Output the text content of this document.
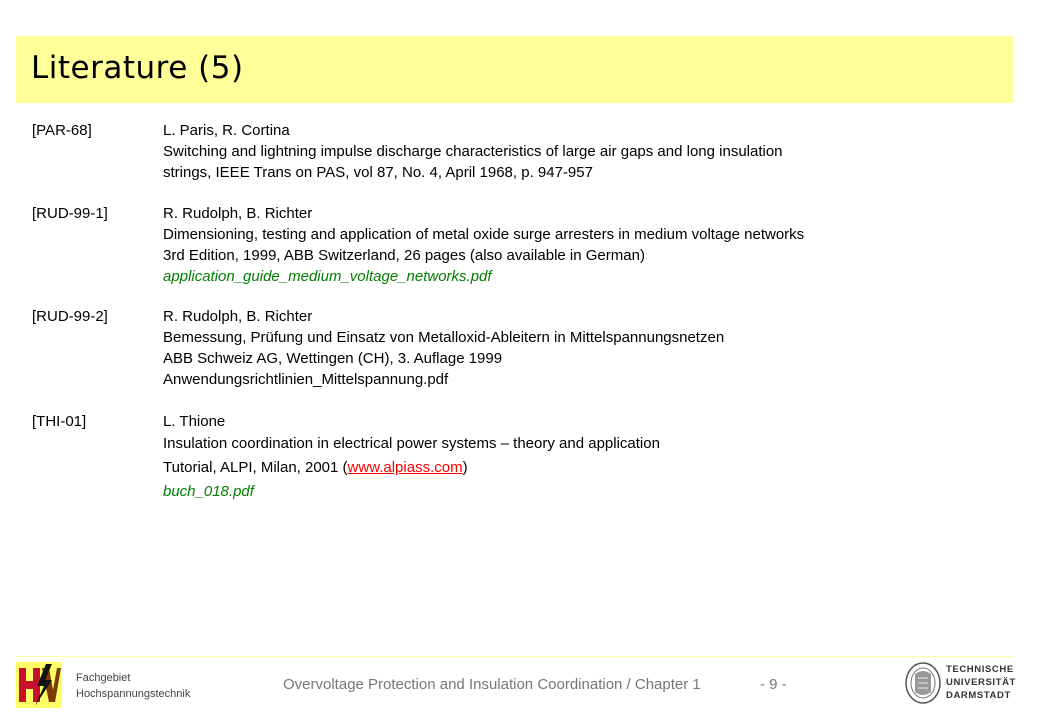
Literature (5)
[PAR-68]	L. Paris, R. Cortina
Switching and lightning impulse discharge characteristics of large air gaps and long insulation
strings, IEEE Trans on PAS, vol 87, No. 4, April 1968, p. 947-957
[RUD-99-1]	R. Rudolph, B. Richter
Dimensioning, testing and application of metal oxide surge arresters in medium voltage networks
3rd Edition, 1999, ABB Switzerland, 26 pages (also available in German)
application_guide_medium_voltage_networks.pdf
[RUD-99-2]	R. Rudolph, B. Richter
Bemessung, Prüfung und Einsatz von Metalloxid-Ableitern in Mittelspannungsnetzen
ABB Schweiz AG, Wettingen (CH), 3. Auflage 1999
Anwendungsrichtlinien_Mittelspannung.pdf
[THI-01]	L. Thione
Insulation coordination in electrical power systems – theory and application
Tutorial, ALPI, Milan, 2001 (www.alpiass.com)
buch_018.pdf
Fachgebiet
Hochspannungstechnik
Overvoltage Protection and Insulation Coordination / Chapter 1	- 9 -
TECHNISCHE
UNIVERSITÄT
DARMSTADT
